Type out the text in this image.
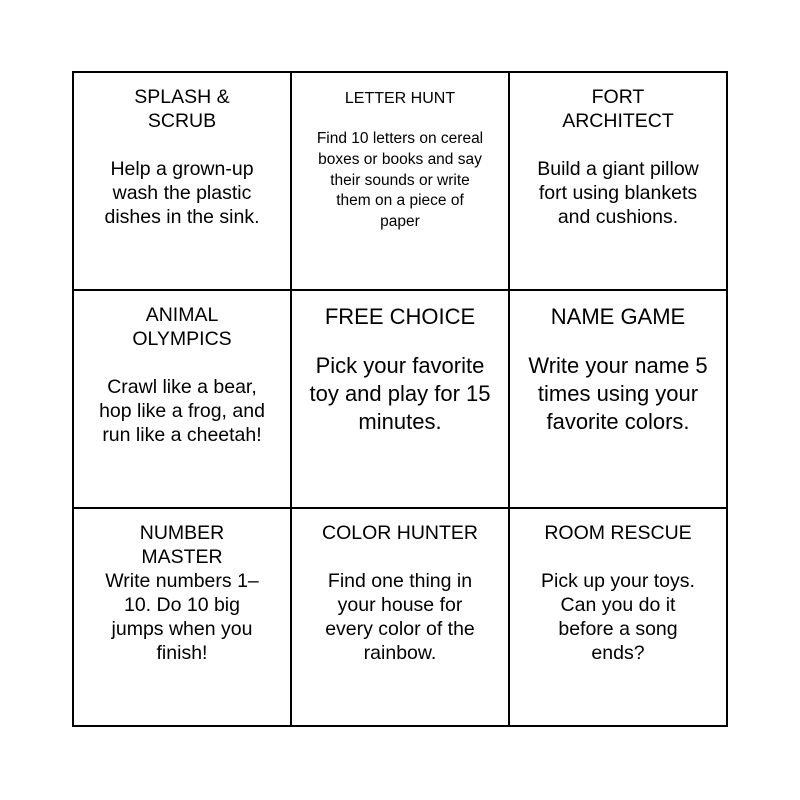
SPLASH & SCRUB
Help a grown-up wash the plastic dishes in the sink.
LETTER HUNT
Find 10 letters on cereal boxes or books and say their sounds or write them on a piece of paper
FORT ARCHITECT
Build a giant pillow fort using blankets and cushions.
ANIMAL OLYMPICS
Crawl like a bear, hop like a frog, and run like a cheetah!
FREE CHOICE
Pick your favorite toy and play for 15 minutes.
NAME GAME
Write your name 5 times using your favorite colors.
NUMBER MASTER
Write numbers 1–10. Do 10 big jumps when you finish!
COLOR HUNTER
Find one thing in your house for every color of the rainbow.
ROOM RESCUE
Pick up your toys. Can you do it before a song ends?
